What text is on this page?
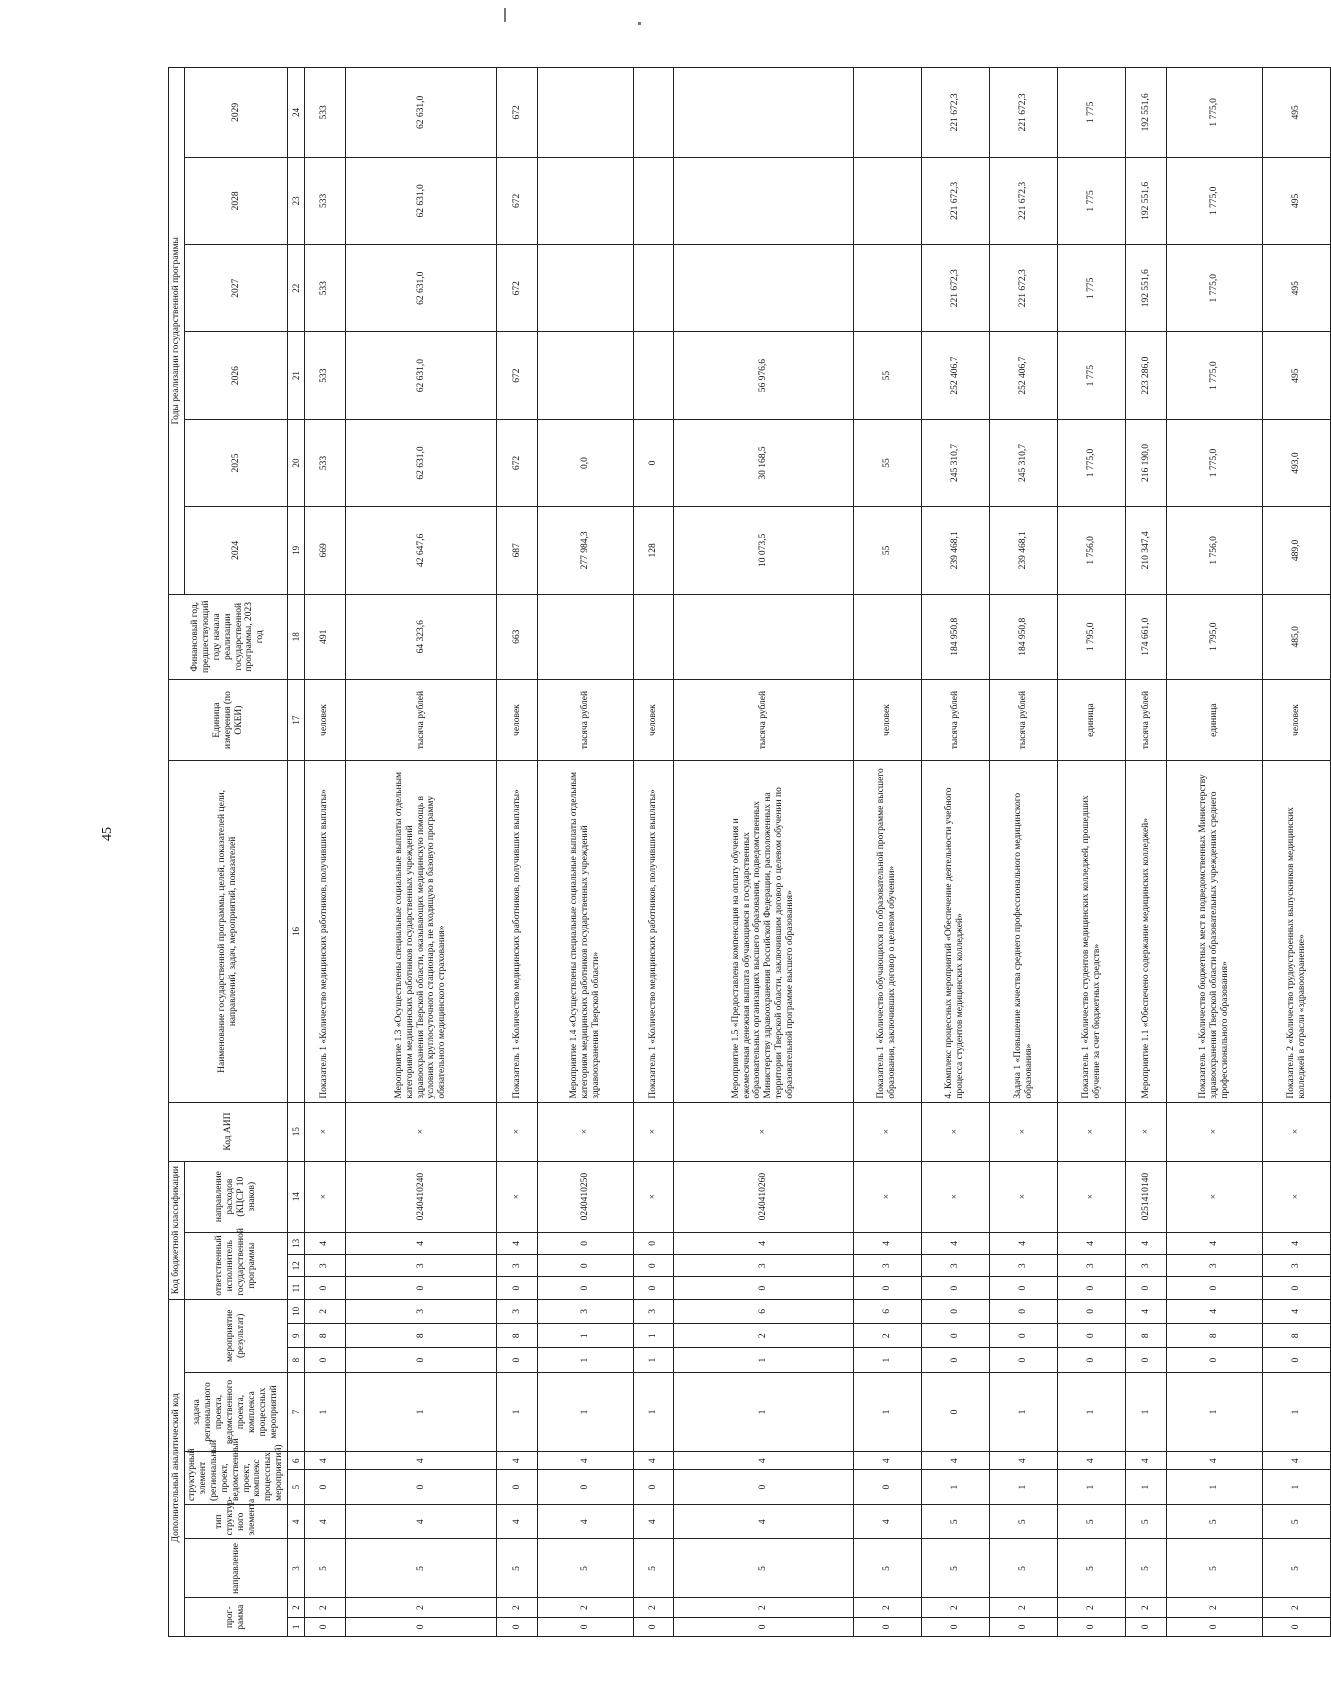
45
Дополнительный аналитический код										Код бюджетной классификации				Код АИП	Наименование государственной программы, целей, показателей цели, направлений, задач, мероприятий, показателей	Единица измерения (по ОКЕИ)	Финансовый год, предшествующий году начала реализации государственной программы, 2023 год	Годы реализации государственной программы					
прог-рамма		направление	тип структур-ного элемента	структурный элемент (региональный проект, ведомственный проект, комплекс процессных мероприятий)		задача регионального проекта, ведомственного проекта, комплекса процессных мероприятий	мероприятие (результат)			ответственный исполнитель государственной программы			направление расходов (КЦСР 10 знаков)					2024	2025	2026	2027	2028	2029

1	2	3	4	5	6	7	8	9	10	11	12	13	14	15	16	17	18	19	20	21	22	23	24
0	2	5	4	0	4	1	0	8	2	0	3	4	×	×	Показатель 1 «Количество медицинских работников, получивших выплаты»	человек	491	669	533	533	533	533	533
0	2	5	4	0	4	1	0	8	3	0	3	4	0240410240	×	Мероприятие 1.3 «Осуществлены специальные социальные выплаты отдельным категориям медицинских работников государственных учреждений здравоохранения Тверской области, оказывающих медицинскую помощь в условиях круглосуточного стационара, не входящую в базовую программу обязательного медицинского страхования»	тысяча рублей	64 323,6	42 647,6	62 631,0	62 631,0	62 631,0	62 631,0	62 631,0
0	2	5	4	0	4	1	0	8	3	0	3	4	×	×	Показатель 1 «Количество медицинских работников, получивших выплаты»	человек	663	687	672	672	672	672	672
0	2	5	4	0	4	1	1	1	3	0	0	0	0240410250	×	Мероприятие 1.4 «Осуществлены специальные социальные выплаты отдельным категориям медицинских работников государственных учреждений здравоохранения Тверской области»	тысяча рублей		277 984,3	0,0				
0	2	5	4	0	4	1	1	1	3	0	0	0	×	×	Показатель 1 «Количество медицинских работников, получивших выплаты»	человек		128	0				
0	2	5	4	0	4	1	1	2	6	0	3	4	0240410260	×	Мероприятие 1.5 «Предоставлена компенсация на оплату обучения и ежемесячная денежная выплата обучающимся в государственных образовательных организациях высшего образования, подведомственных Министерству здравоохранения Российской Федерации, расположенных на территории Тверской области, заключившим договор о целевом обучении по образовательной программе высшего образования»	тысяча рублей		10 073,5	30 168,5	56 976,6			
0	2	5	4	0	4	1	1	2	6	0	3	4	×	×	Показатель 1 «Количество обучающихся по образовательной программе высшего образования, заключивших договор о целевом обучении»	человек		55	55	55			
0	2	5	5	1	4	0	0	0	0	0	3	4	×	×	4. Комплекс процессных мероприятий «Обеспечение деятельности учебного процесса студентов медицинских колледжей»	тысяча рублей	184 950,8	239 468,1	245 310,7	252 406,7	221 672,3	221 672,3	221 672,3
0	2	5	5	1	4	1	0	0	0	0	3	4	×	×	Задача 1 «Повышение качества среднего профессионального медицинского образования»	тысяча рублей	184 950,8	239 468,1	245 310,7	252 406,7	221 672,3	221 672,3	221 672,3
0	2	5	5	1	4	1	0	0	0	0	3	4	×	×	Показатель 1 «Количество студентов медицинских колледжей, прошедших обучение за счет бюджетных средств»	единица	1 795,0	1 756,0	1 775,0	1 775	1 775	1 775	1 775
0	2	5	5	1	4	1	0	8	4	0	3	4	0251410140	×	Мероприятие 1.1 «Обеспечено содержание медицинских колледжей»	тысяча рублей	174 661,0	210 347,4	216 190,0	223 286,0	192 551,6	192 551,6	192 551,6
0	2	5	5	1	4	1	0	8	4	0	3	4	×	×	Показатель 1 «Количество бюджетных мест в подведомственных Министерству здравоохранения Тверской области образовательных учреждениях среднего профессионального образования»	единица	1 795,0	1 756,0	1 775,0	1 775,0	1 775,0	1 775,0	1 775,0
0	2	5	5	1	4	1	0	8	4	0	3	4	×	×	Показатель 2 «Количество трудоустроенных выпускников медицинских колледжей в отрасли «здравоохранение»	человек	485,0	489,0	493,0	495	495	495	495
